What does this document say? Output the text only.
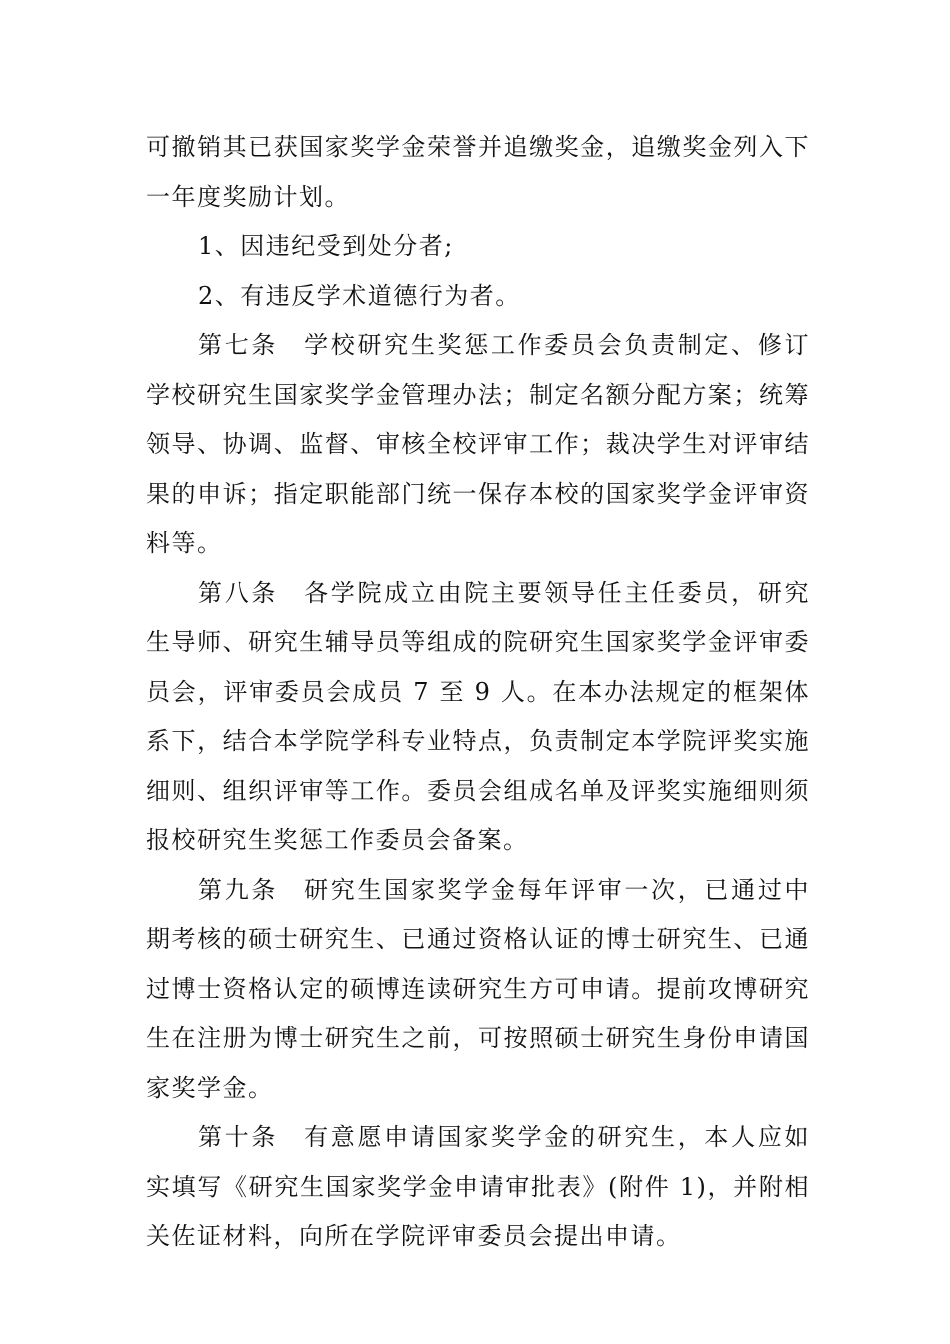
可撤销其已获国家奖学金荣誉并追缴奖金，追缴奖金列入下一年度奖励计划。

1、因违纪受到处分者;

2、有违反学术道德行为者。

第七条 学校研究生奖惩工作委员会负责制定、修订学校研究生国家奖学金管理办法；制定名额分配方案；统筹领导、协调、监督、审核全校评审工作；裁决学生对评审结果的申诉；指定职能部门统一保存本校的国家奖学金评审资料等。

第八条 各学院成立由院主要领导任主任委员，研究生导师、研究生辅导员等组成的院研究生国家奖学金评审委员会，评审委员会成员 7 至 9 人。在本办法规定的框架体系下，结合本学院学科专业特点，负责制定本学院评奖实施细则、组织评审等工作。委员会组成名单及评奖实施细则须报校研究生奖惩工作委员会备案。

第九条 研究生国家奖学金每年评审一次，已通过中期考核的硕士研究生、已通过资格认证的博士研究生、已通过博士资格认定的硕博连读研究生方可申请。提前攻博研究生在注册为博士研究生之前，可按照硕士研究生身份申请国家奖学金。

第十条 有意愿申请国家奖学金的研究生，本人应如实填写《研究生国家奖学金申请审批表》(附件 1)，并附相关佐证材料，向所在学院评审委员会提出申请。
